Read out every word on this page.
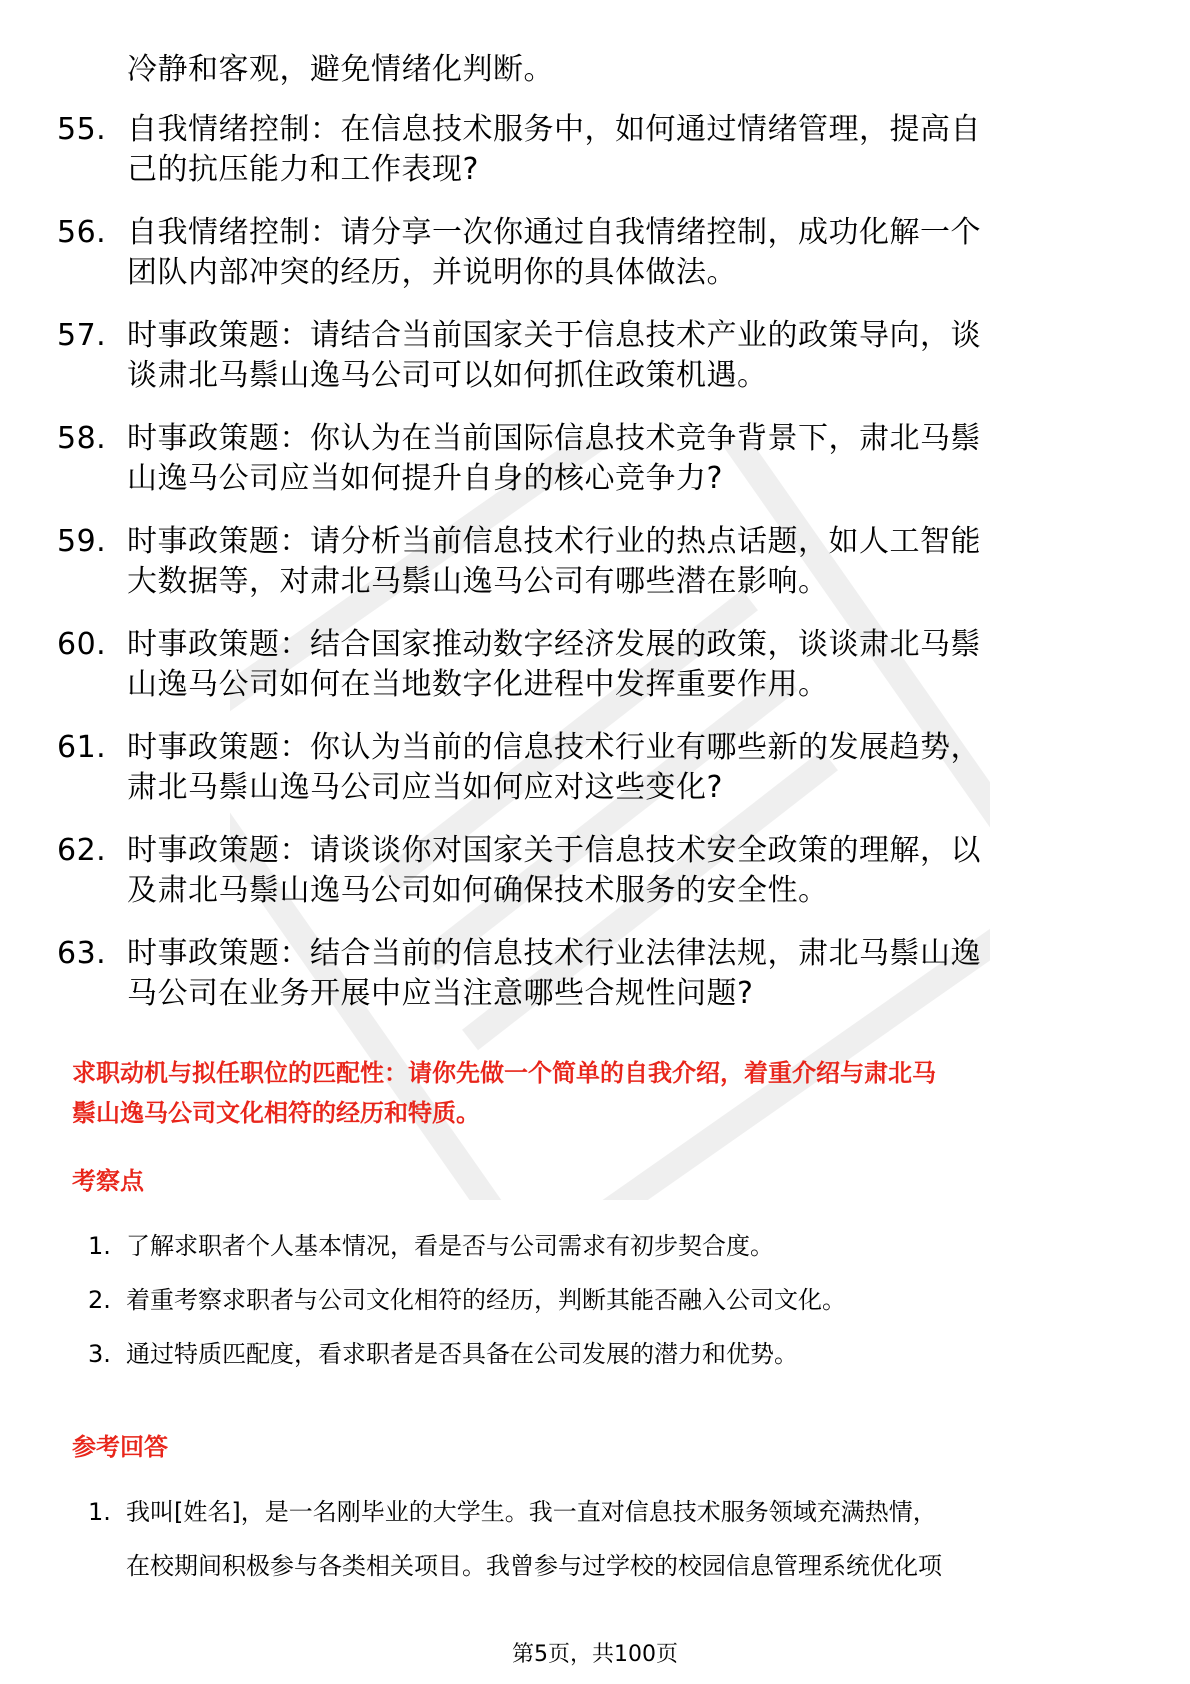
冷静和客观，避免情绪化判断。
55. 自我情绪控制：在信息技术服务中，如何通过情绪管理，提高自
己的抗压能力和工作表现?
56. 自我情绪控制：请分享一次你通过自我情绪控制，成功化解一个
团队内部冲突的经历，并说明你的具体做法。
57. 时事政策题：请结合当前国家关于信息技术产业的政策导向，谈
谈肃北马鬃山逸马公司可以如何抓住政策机遇。
58. 时事政策题：你认为在当前国际信息技术竞争背景下，肃北马鬃
山逸马公司应当如何提升自身的核心竞争力?
59. 时事政策题：请分析当前信息技术行业的热点话题，如人工智能
大数据等，对肃北马鬃山逸马公司有哪些潜在影响。
60. 时事政策题：结合国家推动数字经济发展的政策，谈谈肃北马鬃
山逸马公司如何在当地数字化进程中发挥重要作用。
61. 时事政策题：你认为当前的信息技术行业有哪些新的发展趋势，
肃北马鬃山逸马公司应当如何应对这些变化?
62. 时事政策题：请谈谈你对国家关于信息技术安全政策的理解，以
及肃北马鬃山逸马公司如何确保技术服务的安全性。
63. 时事政策题：结合当前的信息技术行业法律法规，肃北马鬃山逸
马公司在业务开展中应当注意哪些合规性问题?
求职动机与拟任职位的匹配性：请你先做一个简单的自我介绍，着重介绍与肃北马
鬃山逸马公司文化相符的经历和特质。
考察点
1. 了解求职者个人基本情况，看是否与公司需求有初步契合度。
2. 着重考察求职者与公司文化相符的经历，判断其能否融入公司文化。
3. 通过特质匹配度，看求职者是否具备在公司发展的潜力和优势。
参考回答
1. 我叫[姓名]，是一名刚毕业的大学生。我一直对信息技术服务领域充满热情，
在校期间积极参与各类相关项目。我曾参与过学校的校园信息管理系统优化项
第5页，共100页
